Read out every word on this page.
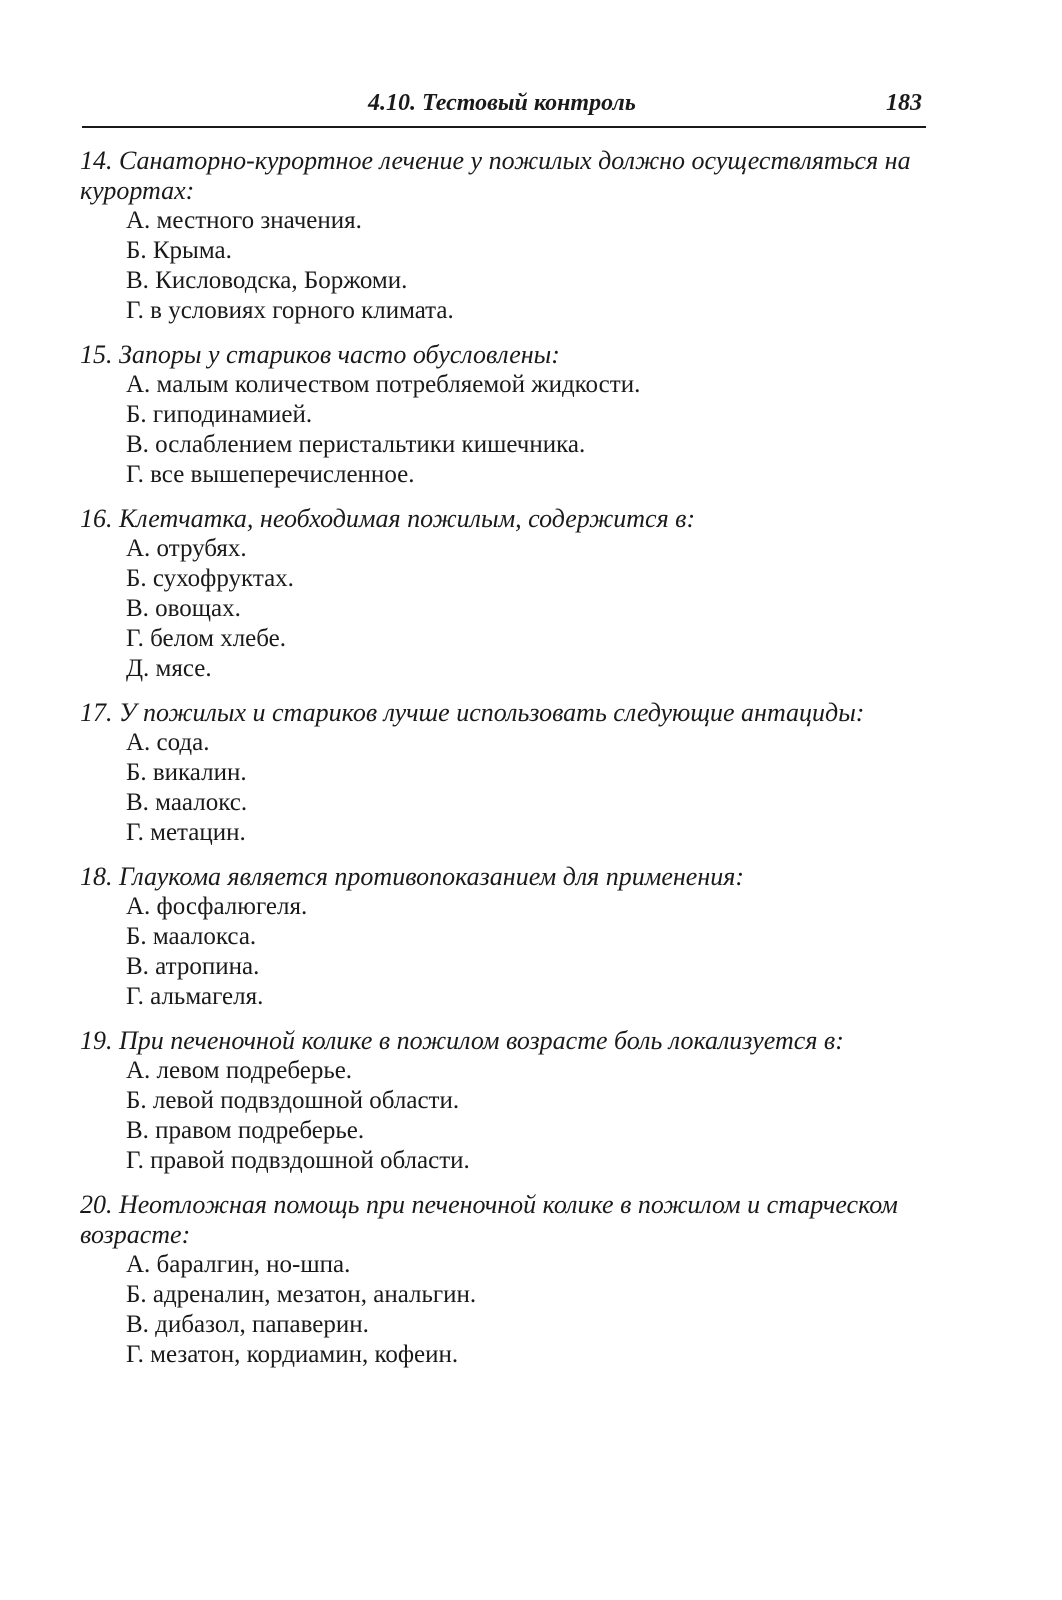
4.10. Тестовый контроль	183

14. Санаторно-курортное лечение у пожилых должно осуществляться на курортах:

А. местного значения.
Б. Крыма.
В. Кисловодска, Боржоми.
Г. в условиях горного климата.

15. Запоры у стариков часто обусловлены:

А. малым количеством потребляемой жидкости.
Б. гиподинамией.
В. ослаблением перистальтики кишечника.
Г. все вышеперечисленное.

16. Клетчатка, необходимая пожилым, содержится в:

А. отрубях.
Б. сухофруктах.
В. овощах.
Г. белом хлебе.
Д. мясе.

17. У пожилых и стариков лучше использовать следующие антациды:

А. сода.
Б. викалин.
В. маалокс.
Г. метацин.

18. Глаукома является противопоказанием для применения:

А. фосфалюгеля.
Б. маалокса.
В. атропина.
Г. альмагеля.

19. При печеночной колике в пожилом возрасте боль локализуется в:

А. левом подреберье.
Б. левой подвздошной области.
В. правом подреберье.
Г. правой подвздошной области.

20. Неотложная помощь при печеночной колике в пожилом и старческом возрасте:

А. баралгин, но-шпа.
Б. адреналин, мезатон, анальгин.
В. дибазол, папаверин.
Г. мезатон, кордиамин, кофеин.
